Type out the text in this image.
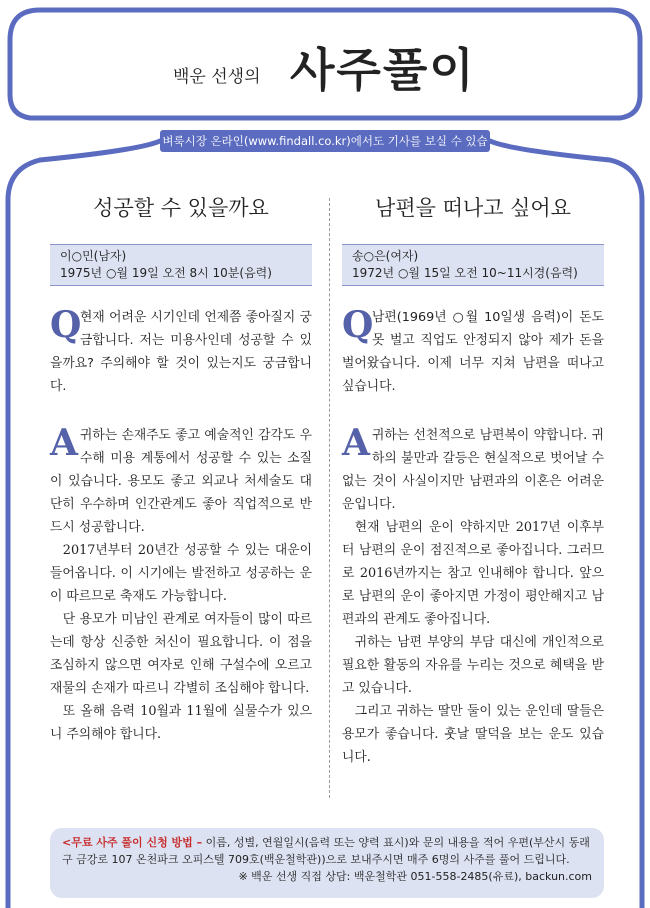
백운 선생의 사주풀이
벼룩시장 온라인(www.findall.co.kr)에서도 기사를 보실 수 있습니다.
성공할 수 있을까요
이○민(남자)
1975년 ○월 19일 오전 8시 10분(음력)
Q

현재 어려운 시기인데 언제쯤 좋아질지 궁금합니다. 저는 미용사인데 성공할 수 있을까요? 주의해야 할 것이 있는지도 궁금합니다.

A 귀하는 손재주도 좋고 예술적인 감각도 우수해 미용 계통에서 성공할 수 있는 소질이 있습니다. 용모도 좋고 외교나 처세술도 대단히 우수하며 인간관계도 좋아 직업적으로 반드시 성공합니다.

2017년부터 20년간 성공할 수 있는 대운이 들어옵니다. 이 시기에는 발전하고 성공하는 운이 따르므로 축재도 가능합니다.

단 용모가 미남인 관계로 여자들이 많이 따르는데 항상 신중한 처신이 필요합니다. 이 점을 조심하지 않으면 여자로 인해 구설수에 오르고 재물의 손재가 따르니 각별히 조심해야 합니다.

또 올해 음력 10월과 11월에 실물수가 있으니 주의해야 합니다.

남편을 떠나고 싶어요
송○은(여자)
1972년 ○월 15일 오전 10~11시경(음력)
Q

남편(1969년 ○월 10일생 음력)이 돈도 못 벌고 직업도 안정되지 않아 제가 돈을 벌어왔습니다. 이제 너무 지쳐 남편을 떠나고 싶습니다.

A 귀하는 선천적으로 남편복이 약합니다. 귀하의 불만과 갈등은 현실적으로 벗어날 수 없는 것이 사실이지만 남편과의 이혼은 어려운 운입니다.

현재 남편의 운이 약하지만 2017년 이후부터 남편의 운이 점진적으로 좋아집니다. 그러므로 2016년까지는 참고 인내해야 합니다. 앞으로 남편의 운이 좋아지면 가정이 평안해지고 남편과의 관계도 좋아집니다.

귀하는 남편 부양의 부담 대신에 개인적으로 필요한 활동의 자유를 누리는 것으로 혜택을 받고 있습니다.

그리고 귀하는 딸만 둘이 있는 운인데 딸들은 용모가 좋습니다. 훗날 딸덕을 보는 운도 있습니다.

<무료 사주 풀이 신청 방법 – 이름, 성별, 연월일시(음력 또는 양력 표시)와 문의 내용을 적어 우편(부산시 동래구 금강로 107 온천파크 오피스텔 709호(백운철학관))으로 보내주시면 매주 6명의 사주를 풀어 드립니다.
※ 백운 선생 직접 상담: 백운철학관 051-558-2485(유료), backun.com
